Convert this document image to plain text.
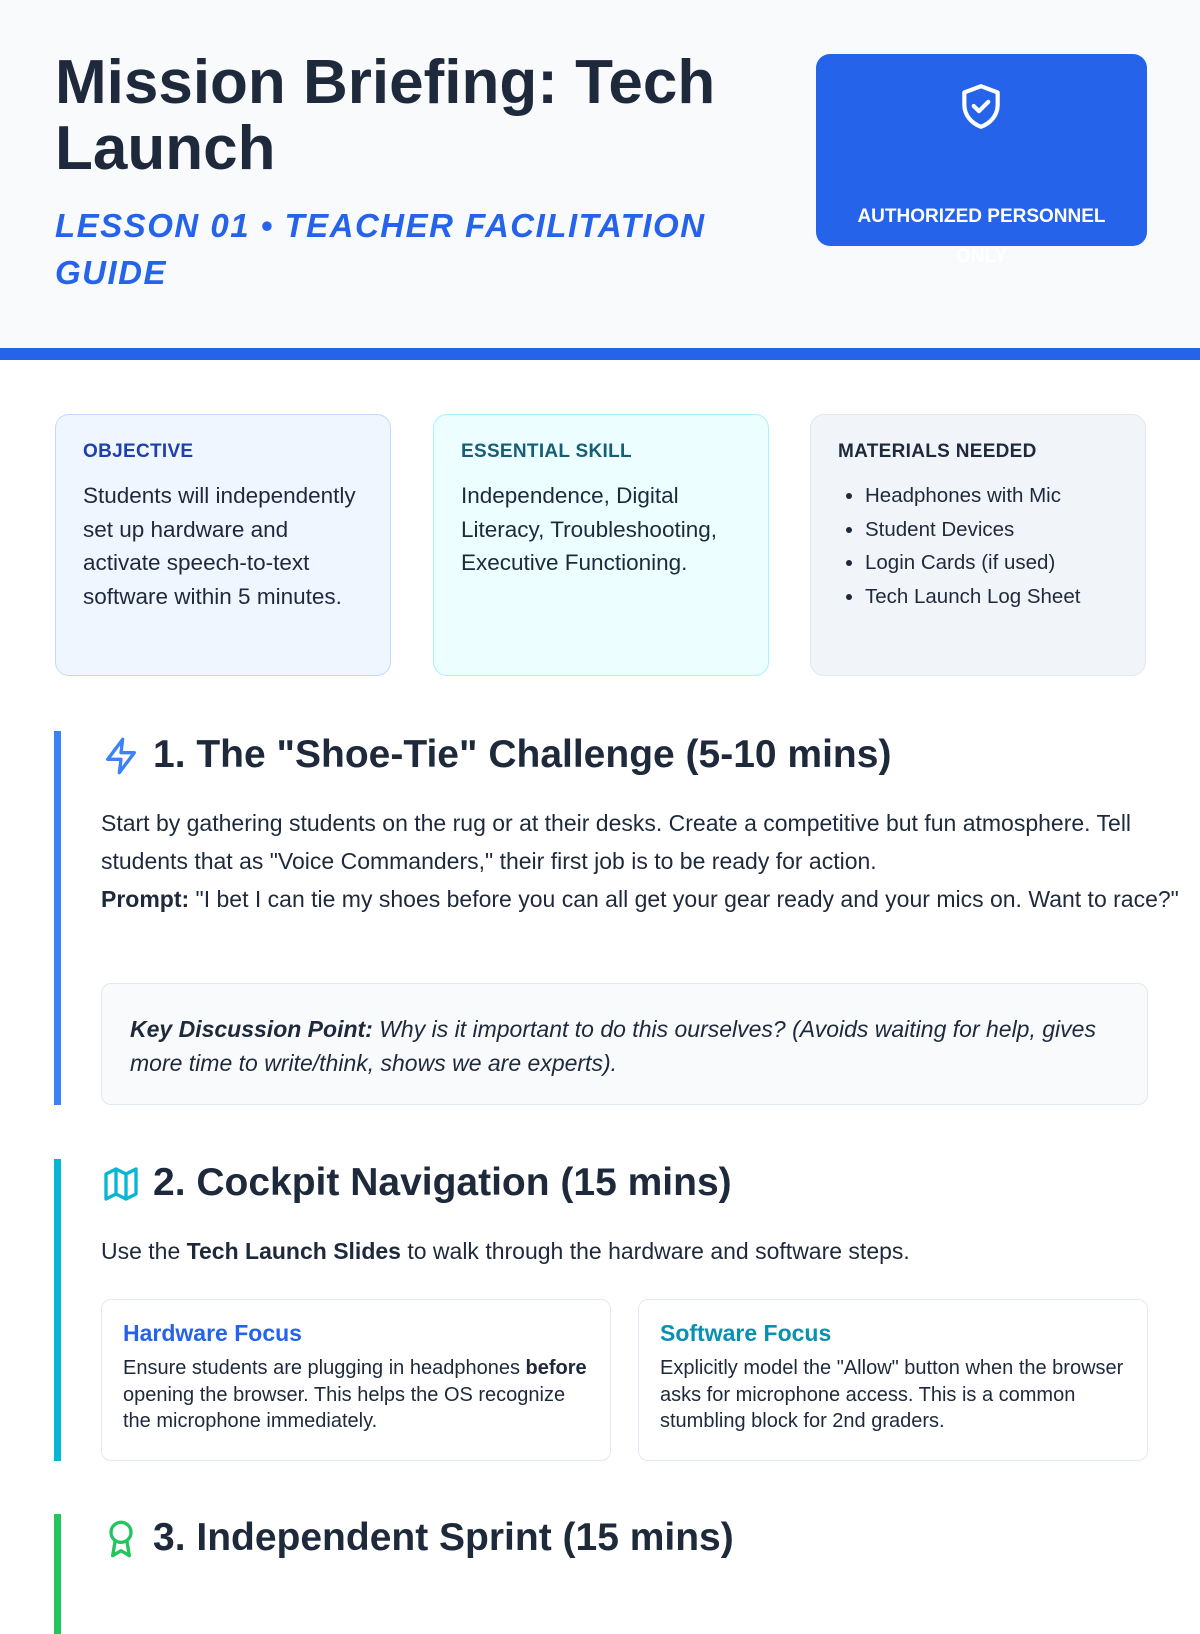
Mission Briefing: Tech Launch
LESSON 01 • TEACHER FACILITATION GUIDE
AUTHORIZED PERSONNEL
ONLY
OBJECTIVE
Students will independently set up hardware and activate speech-to-text software within 5 minutes.
ESSENTIAL SKILL
Independence, Digital Literacy, Troubleshooting, Executive Functioning.
MATERIALS NEEDED
• Headphones with Mic
• Student Devices
• Login Cards (if used)
• Tech Launch Log Sheet
1. The "Shoe-Tie" Challenge (5-10 mins)
Start by gathering students on the rug or at their desks. Create a competitive but fun atmosphere. Tell students that as "Voice Commanders," their first job is to be ready for action.
Prompt: "I bet I can tie my shoes before you can all get your gear ready and your mics on. Want to race?"
Key Discussion Point: Why is it important to do this ourselves? (Avoids waiting for help, gives more time to write/think, shows we are experts).
2. Cockpit Navigation (15 mins)
Use the Tech Launch Slides to walk through the hardware and software steps.
Hardware Focus
Ensure students are plugging in headphones before opening the browser. This helps the OS recognize the microphone immediately.
Software Focus
Explicitly model the "Allow" button when the browser asks for microphone access. This is a common stumbling block for 2nd graders.
3. Independent Sprint (15 mins)
